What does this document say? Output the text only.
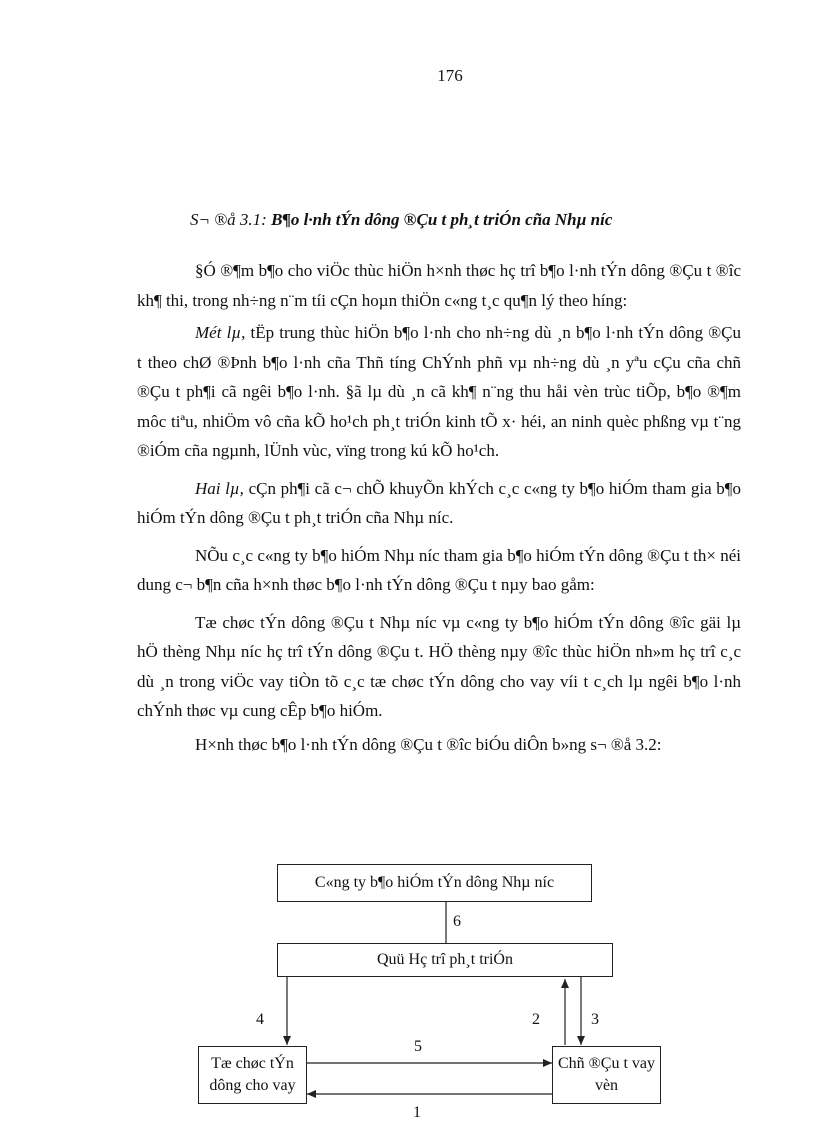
176
S¬ ®å 3.1: B¶o l·nh tÝn dông ®Çu t ph¸t triÓn cña Nhµ níc

§Ó ®¶m b¶o cho viÖc thùc hiÖn h×nh thøc hç trî b¶o l·nh tÝn dông ®Çu t ®îc kh¶ thi, trong nh÷ng n¨m tíi cÇn hoµn thiÖn c«ng t¸c qu¶n lý theo híng:

Mét lµ, tËp trung thùc hiÖn b¶o l·nh cho nh÷ng dù ¸n b¶o l·nh tÝn dông ®Çu t theo chØ ®Þnh b¶o l·nh cña Thñ tíng ChÝnh phñ vµ nh÷ng dù ¸n yªu cÇu cña chñ ®Çu t ph¶i cã ngêi b¶o l·nh. §ã lµ dù ¸n cã kh¶ n¨ng thu håi vèn trùc tiÕp, b¶o ®¶m môc tiªu, nhiÖm vô cña kÕ ho¹ch ph¸t triÓn kinh tÕ x· héi, an ninh quèc phßng vµ t¨ng ®iÓm cña ngµnh, lÜnh vùc, vïng trong kú kÕ ho¹ch.

Hai lµ, cÇn ph¶i cã c¬ chÕ khuyÕn khÝch c¸c c«ng ty b¶o hiÓm tham gia b¶o hiÓm tÝn dông ®Çu t ph¸t triÓn cña Nhµ níc.

NÕu c¸c c«ng ty b¶o hiÓm Nhµ níc tham gia b¶o hiÓm tÝn dông ®Çu t th× néi dung c¬ b¶n cña h×nh thøc b¶o l·nh tÝn dông ®Çu t nµy bao gåm:

Tæ chøc tÝn dông ®Çu t Nhµ níc vµ c«ng ty b¶o hiÓm tÝn dông ®îc gäi lµ hÖ thèng Nhµ níc hç trî tÝn dông ®Çu t. HÖ thèng nµy ®îc thùc hiÖn nh»m hç trî c¸c dù ¸n trong viÖc vay tiÒn tõ c¸c tæ chøc tÝn dông cho vay víi t c¸ch lµ ngêi b¶o l·nh chÝnh thøc vµ cung cÊp b¶o hiÓm.

H×nh thøc b¶o l·nh tÝn dông ®Çu t ®îc biÓu diÔn b»ng s¬ ®å 3.2:

C«ng ty b¶o hiÓm tÝn dông Nhµ níc
Quü Hç trî ph¸t triÓn
Tæ chøc tÝn dông cho vay
Chñ ®Çu t vay vèn
6
4	2	3
5
1
